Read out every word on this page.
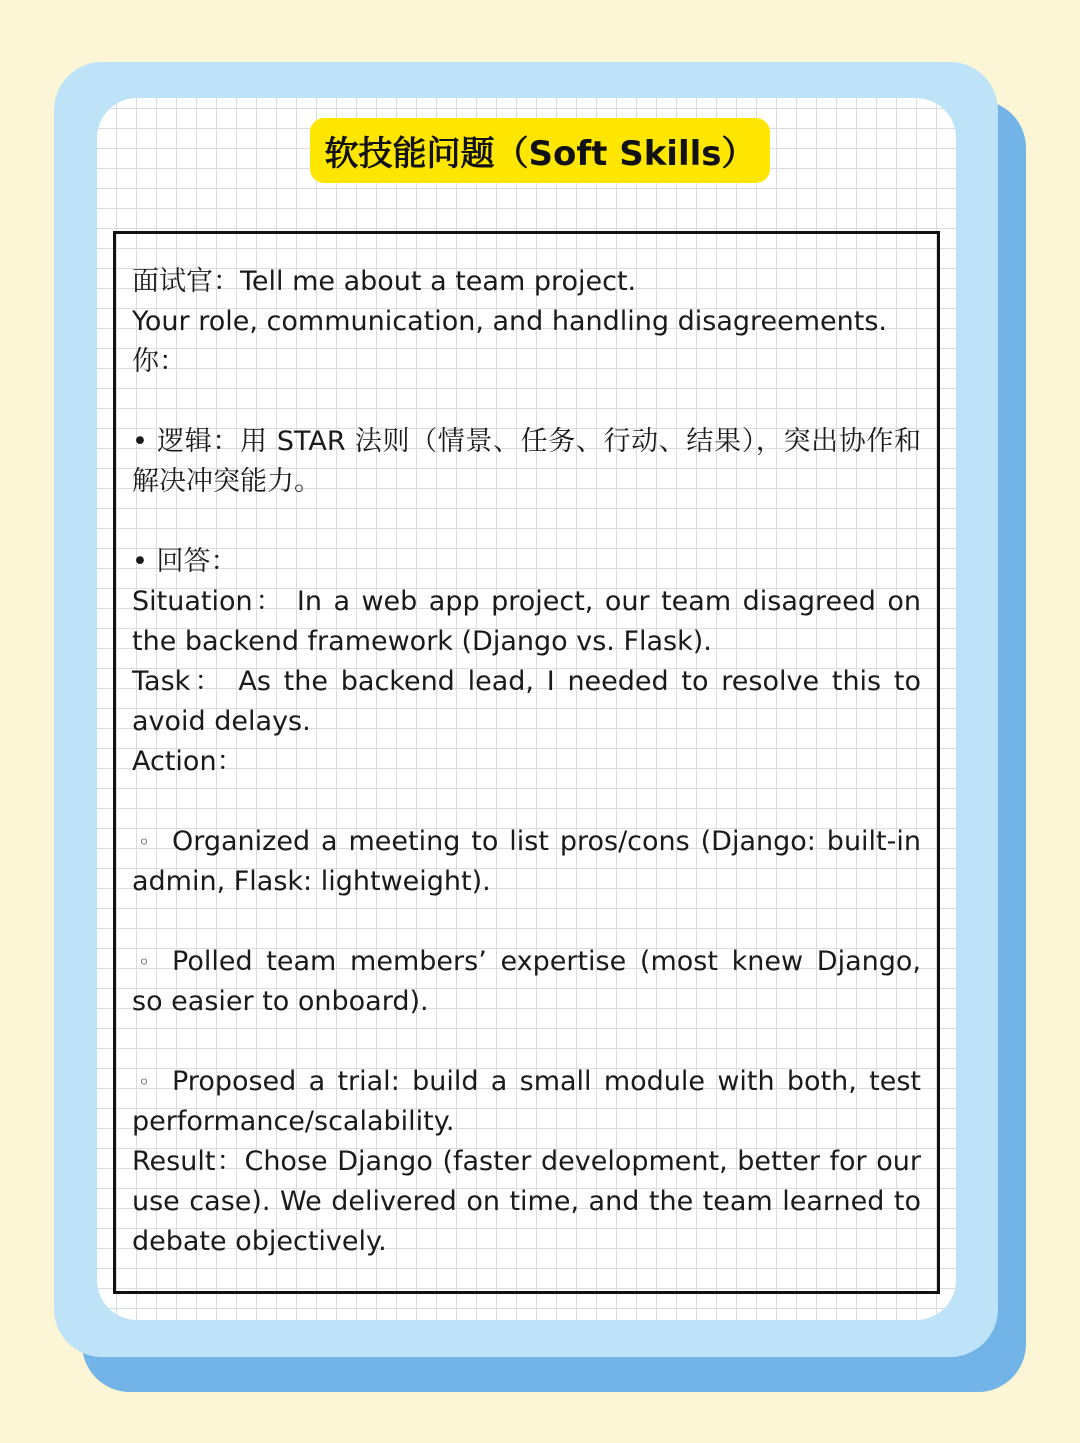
软技能问题（Soft Skills）
面试官：Tell me about a team project.
Your role, communication, and handling disagreements.
你：
• 逻辑：用 STAR 法则（情景、任务、行动、结果），突出协作和解决冲突能力。
• 回答：
Situation： In a web app project, our team disagreed on the backend framework (Django vs. Flask).
Task： As the backend lead, I needed to resolve this to avoid delays.
Action：
◦ Organized a meeting to list pros/cons (Django: built-in admin, Flask: lightweight).
◦ Polled team members’ expertise (most knew Django, so easier to onboard).
◦ Proposed a trial: build a small module with both, test performance/scalability.
Result：Chose Django (faster development, better for our use case). We delivered on time, and the team learned to debate objectively.
